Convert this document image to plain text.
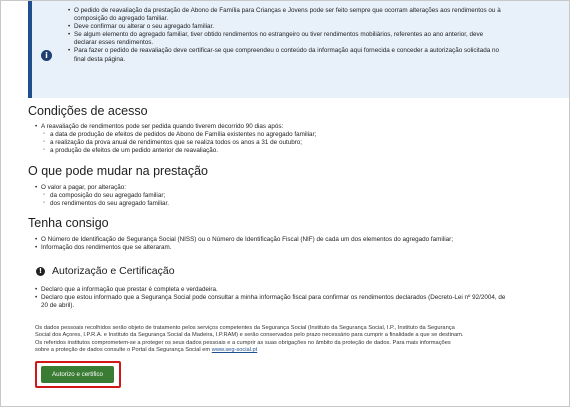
i
• O pedido de reavaliação da prestação de Abono de Família para Crianças e Jovens pode ser feito sempre que ocorram alterações aos rendimentos ou à
composição do agregado familiar.
• Deve confirmar ou alterar o seu agregado familiar.
• Se algum elemento do agregado familiar, tiver obtido rendimentos no estrangeiro ou tiver rendimentos mobiliários, referentes ao ano anterior, deve
declarar esses rendimentos.
• Para fazer o pedido de reavaliação deve certificar-se que compreendeu o conteúdo da informação aqui fornecida e conceder a autorização solicitada no
final desta página.
Condições de acesso
• A reavaliação de rendimentos pode ser pedida quando tiverem decorrido 90 dias após:
◦ a data de produção de efeitos de pedidos de Abono de Família existentes no agregado familiar;
◦ a realização da prova anual de rendimentos que se realiza todos os anos a 31 de outubro;
◦ a produção de efeitos de um pedido anterior de reavaliação.
O que pode mudar na prestação
• O valor a pagar, por alteração:
◦ da composição do seu agregado familiar;
◦ dos rendimentos do seu agregado familiar.
Tenha consigo
• O Número de Identificação de Segurança Social (NISS) ou o Número de Identificação Fiscal (NIF) de cada um dos elementos do agregado familiar;
• Informação dos rendimentos que se alteraram.
! Autorização e Certificação
• Declaro que a informação que prestar é completa e verdadeira.
• Declaro que estou informado que a Segurança Social pode consultar a minha informação fiscal para confirmar os rendimentos declarados (Decreto-Lei nº 92/2004, de
20 de abril).
Os dados pessoais recolhidos serão objeto de tratamento pelos serviços competentes da Segurança Social (Instituto da Segurança Social, I.P., Instituto da Segurança
Social dos Açores, I.P.R.A. e Instituto da Segurança Social da Madeira, I.P.RAM) e serão conservados pelo prazo necessário para cumprir a finalidade a que se destinam.
Os referidos institutos comprometem-se a proteger os seus dados pessoais e a cumprir as suas obrigações no âmbito da proteção de dados. Para mais informações
sobre a proteção de dados consulte o Portal da Segurança Social em www.seg-social.pt
Autorizo e certifico
